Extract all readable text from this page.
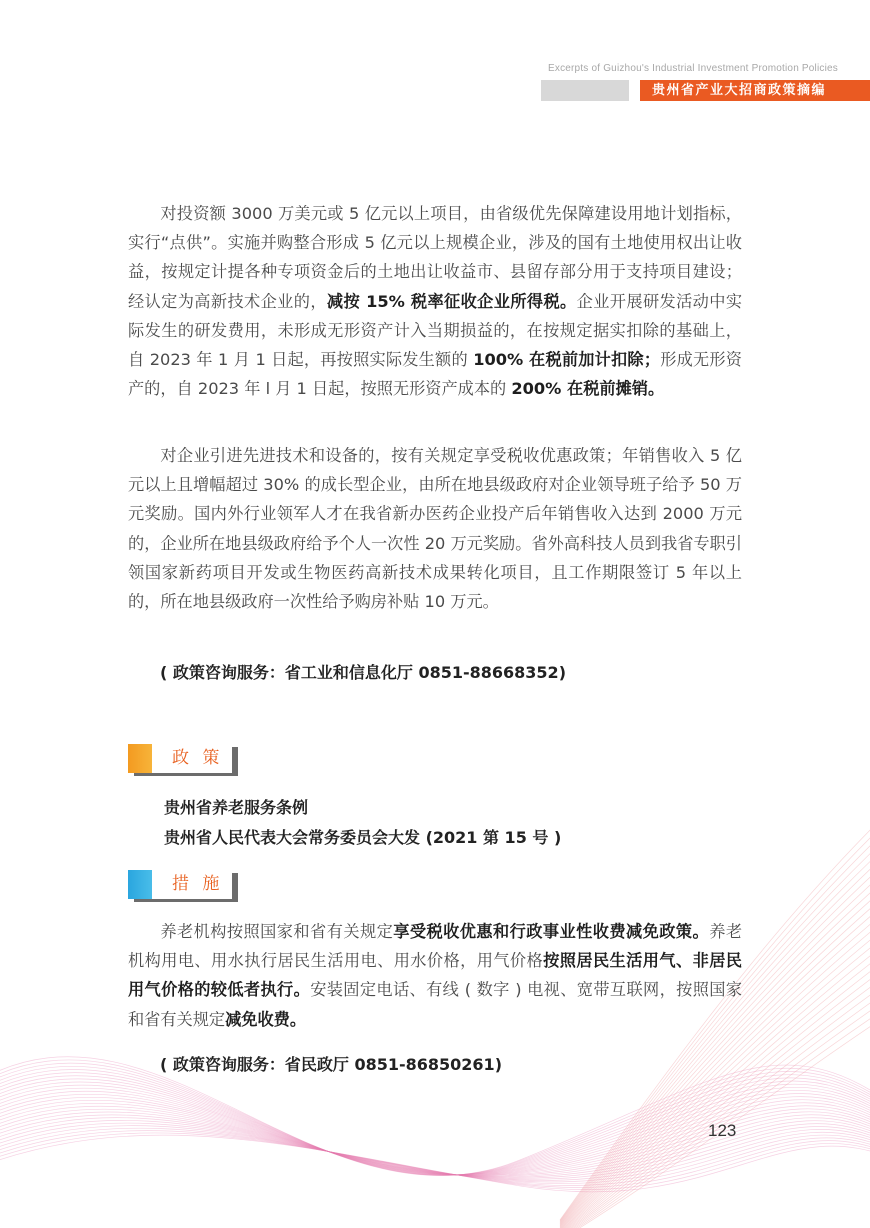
Excerpts of Guizhou's Industrial Investment Promotion Policies
贵州省产业大招商政策摘编

对投资额 3000 万美元或 5 亿元以上项目，由省级优先保障建设用地计划指标，实行“点供”。实施并购整合形成 5 亿元以上规模企业，涉及的国有土地使用权出让收益，按规定计提各种专项资金后的土地出让收益市、县留存部分用于支持项目建设；经认定为高新技术企业的，减按 15% 税率征收企业所得税。企业开展研发活动中实际发生的研发费用，未形成无形资产计入当期损益的，在按规定据实扣除的基础上，自 2023 年 1 月 1 日起，再按照实际发生额的 100% 在税前加计扣除；形成无形资产的，自 2023 年 l 月 1 日起，按照无形资产成本的 200% 在税前摊销。

对企业引进先进技术和设备的，按有关规定享受税收优惠政策；年销售收入 5 亿元以上且增幅超过 30% 的成长型企业，由所在地县级政府对企业领导班子给予 50 万元奖励。国内外行业领军人才在我省新办医药企业投产后年销售收入达到 2000 万元的，企业所在地县级政府给予个人一次性 20 万元奖励。省外高科技人员到我省专职引领国家新药项目开发或生物医药高新技术成果转化项目，且工作期限签订 5 年以上的，所在地县级政府一次性给予购房补贴 10 万元。

( 政策咨询服务：省工业和信息化厅 0851-88668352)
政 策
贵州省养老服务条例
贵州省人民代表大会常务委员会大发 (2021 第 15 号 )
措 施

养老机构按照国家和省有关规定享受税收优惠和行政事业性收费减免政策。养老机构用电、用水执行居民生活用电、用水价格，用气价格按照居民生活用气、非居民用气价格的较低者执行。安装固定电话、有线 ( 数字 ) 电视、宽带互联网，按照国家和省有关规定减免收费。

( 政策咨询服务：省民政厅 0851-86850261)
123
